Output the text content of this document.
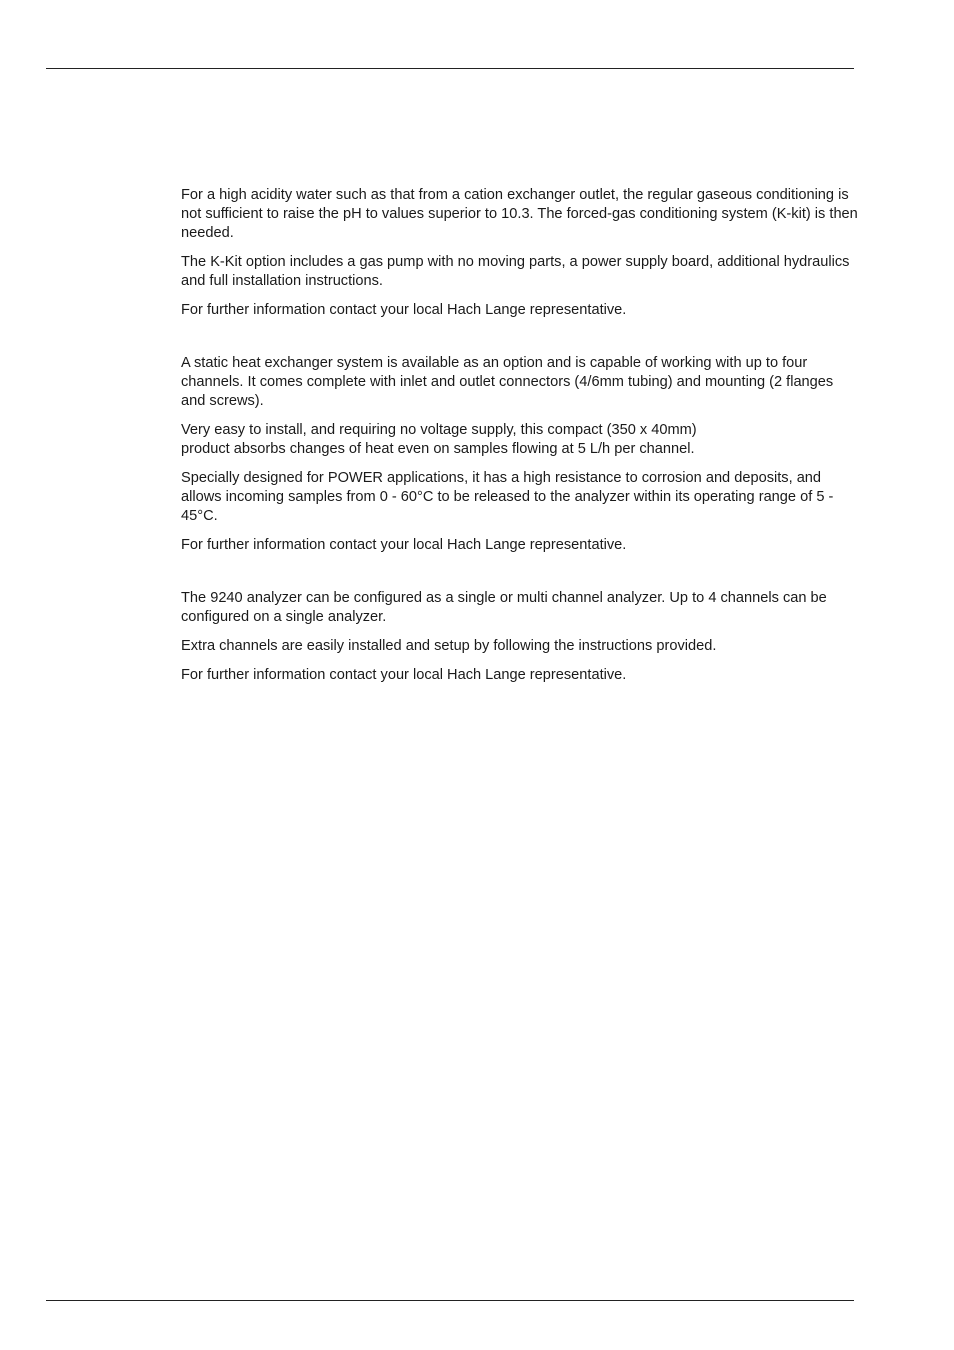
For a high acidity water such as that from a cation exchanger outlet, the regular gaseous conditioning is not sufficient to raise the pH to values superior to 10.3. The forced-gas conditioning system (K-kit) is then needed.

The K-Kit option includes a gas pump with no moving parts, a power supply board, additional hydraulics and full installation instructions.

For further information contact your local Hach Lange representative.

A static heat exchanger system is available as an option and is capable of working with up to four channels. It comes complete with inlet and outlet connectors (4/6mm tubing) and mounting (2 flanges and screws).

Very easy to install, and requiring no voltage supply, this compact (350 x 40mm)
product absorbs changes of heat even on samples flowing at 5 L/h per channel.

Specially designed for POWER applications, it has a high resistance to corrosion and deposits, and allows incoming samples from 0 - 60°C to be released to the analyzer within its operating range of 5 - 45°C.

For further information contact your local Hach Lange representative.

The 9240 analyzer can be configured as a single or multi channel analyzer. Up to 4 channels can be configured on a single analyzer.

Extra channels are easily installed and setup by following the instructions provided.

For further information contact your local Hach Lange representative.
